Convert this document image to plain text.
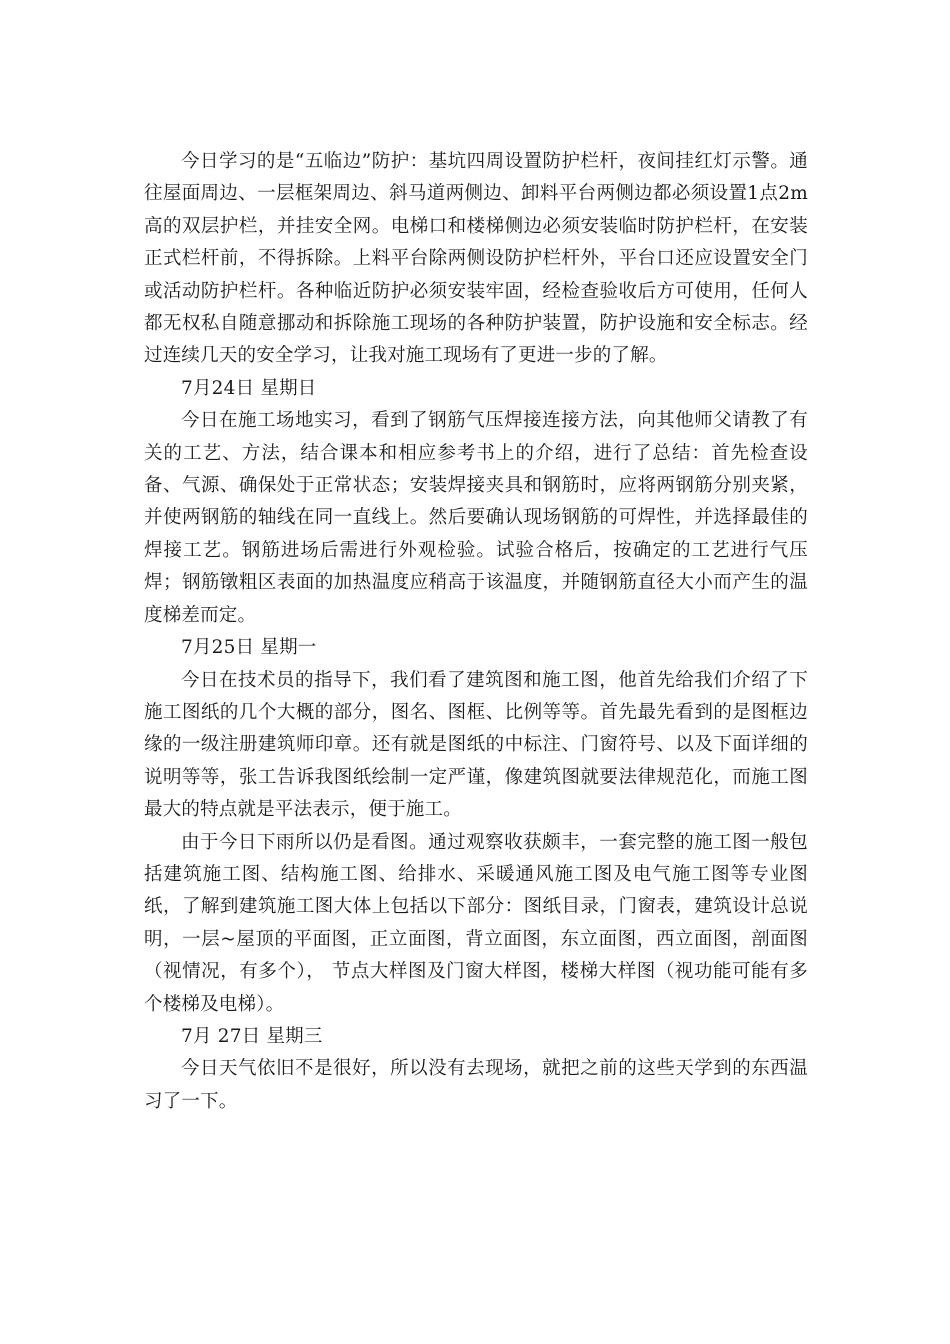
今日学习的是“五临边”防护：基坑四周设置防护栏杆，夜间挂红灯示警。通往屋面周边、一层框架周边、斜马道两侧边、卸料平台两侧边都必须设置1点2m高的双层护栏，并挂安全网。电梯口和楼梯侧边必须安装临时防护栏杆，在安装正式栏杆前，不得拆除。上料平台除两侧设防护栏杆外，平台口还应设置安全门或活动防护栏杆。各种临近防护必须安装牢固，经检查验收后方可使用，任何人都无权私自随意挪动和拆除施工现场的各种防护装置，防护设施和安全标志。经过连续几天的安全学习，让我对施工现场有了更进一步的了解。

7月24日 星期日

今日在施工场地实习，看到了钢筋气压焊接连接方法，向其他师父请教了有关的工艺、方法，结合课本和相应参考书上的介绍，进行了总结：首先检查设备、气源、确保处于正常状态；安装焊接夹具和钢筋时，应将两钢筋分别夹紧，并使两钢筋的轴线在同一直线上。然后要确认现场钢筋的可焊性，并选择最佳的焊接工艺。钢筋进场后需进行外观检验。试验合格后，按确定的工艺进行气压焊；钢筋镦粗区表面的加热温度应稍高于该温度，并随钢筋直径大小而产生的温度梯差而定。

7月25日 星期一

今日在技术员的指导下，我们看了建筑图和施工图，他首先给我们介绍了下施工图纸的几个大概的部分，图名、图框、比例等等。首先最先看到的是图框边缘的一级注册建筑师印章。还有就是图纸的中标注、门窗符号、以及下面详细的说明等等，张工告诉我图纸绘制一定严谨，像建筑图就要法律规范化，而施工图最大的特点就是平法表示，便于施工。

由于今日下雨所以仍是看图。通过观察收获颇丰，一套完整的施工图一般包括建筑施工图、结构施工图、给排水、采暖通风施工图及电气施工图等专业图纸，了解到建筑施工图大体上包括以下部分：图纸目录，门窗表，建筑设计总说明，一层~屋顶的平面图，正立面图，背立面图，东立面图，西立面图，剖面图（视情况，有多个）， 节点大样图及门窗大样图，楼梯大样图（视功能可能有多个楼梯及电梯）。

7月 27日 星期三

今日天气依旧不是很好，所以没有去现场，就把之前的这些天学到的东西温习了一下。
